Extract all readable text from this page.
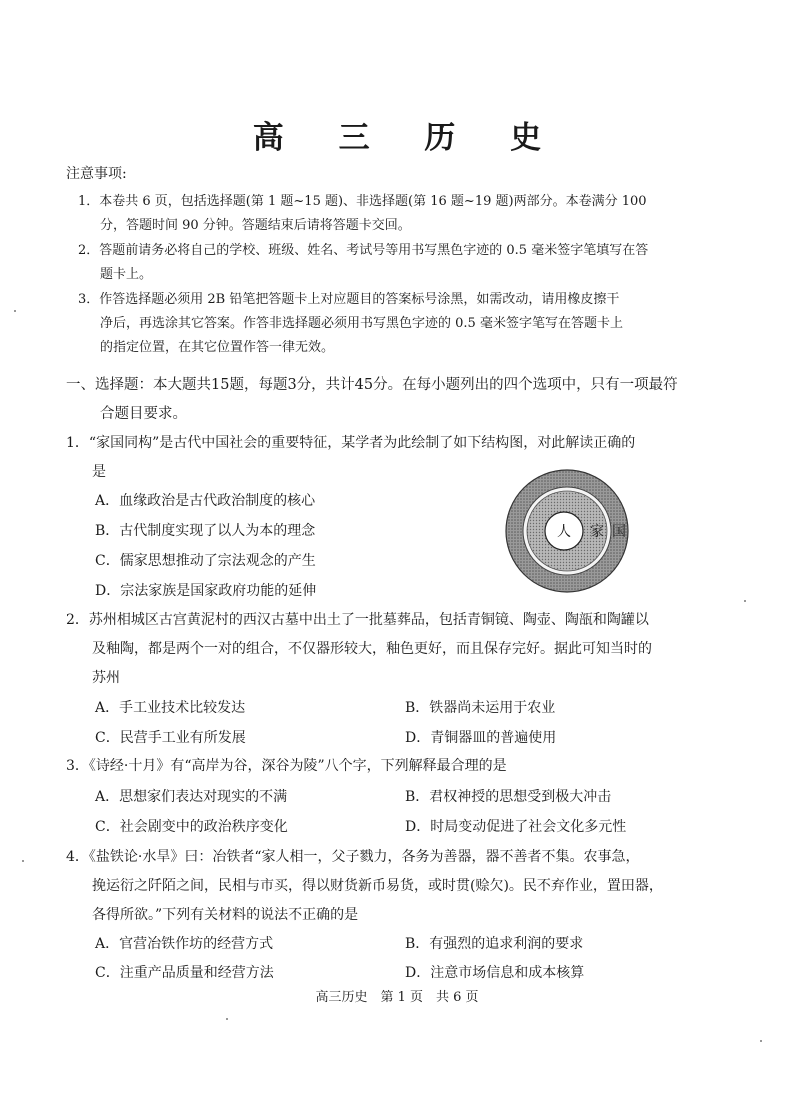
高 三 历 史
注意事项:
1．本卷共 6 页，包括选择题(第 1 题~15 题)、非选择题(第 16 题~19 题)两部分。本卷满分 100
分，答题时间 90 分钟。答题结束后请将答题卡交回。
2．答题前请务必将自己的学校、班级、姓名、考试号等用书写黑色字迹的 0.5 毫米签字笔填写在答
题卡上。
3．作答选择题必须用 2B 铅笔把答题卡上对应题目的答案标号涂黑，如需改动，请用橡皮擦干
净后，再选涂其它答案。作答非选择题必须用书写黑色字迹的 0.5 毫米签字笔写在答题卡上
的指定位置，在其它位置作答一律无效。
一、选择题：本大题共15题，每题3分，共计45分。在每小题列出的四个选项中，只有一项最符
合题目要求。
1．“家国同构”是古代中国社会的重要特征，某学者为此绘制了如下结构图，对此解读正确的
是
A．血缘政治是古代政治制度的核心
B．古代制度实现了以人为本的理念
C．儒家思想推动了宗法观念的产生
D．宗法家族是国家政府功能的延伸
人 家 国
2．苏州相城区古宫黄泥村的西汉古墓中出土了一批墓葬品，包括青铜镜、陶壶、陶瓿和陶罐以
及釉陶，都是两个一对的组合，不仅器形较大，釉色更好，而且保存完好。据此可知当时的
苏州
A．手工业技术比较发达	B．铁器尚未运用于农业
C．民营手工业有所发展	D．青铜器皿的普遍使用
3．《诗经·十月》有“高岸为谷，深谷为陵”八个字，下列解释最合理的是
A．思想家们表达对现实的不满	B．君权神授的思想受到极大冲击
C．社会剧变中的政治秩序变化	D．时局变动促进了社会文化多元性
4．《盐铁论·水旱》曰：冶铁者“家人相一，父子戮力，各务为善器，器不善者不集。农事急，
挽运衍之阡陌之间，民相与市买，得以财货新币易货，或时贯(赊欠)。民不弃作业，置田器，
各得所欲。”下列有关材料的说法不正确的是
A．官营冶铁作坊的经营方式	B．有强烈的追求利润的要求
C．注重产品质量和经营方法	D．注意市场信息和成本核算
高三历史　第 1 页　共 6 页
